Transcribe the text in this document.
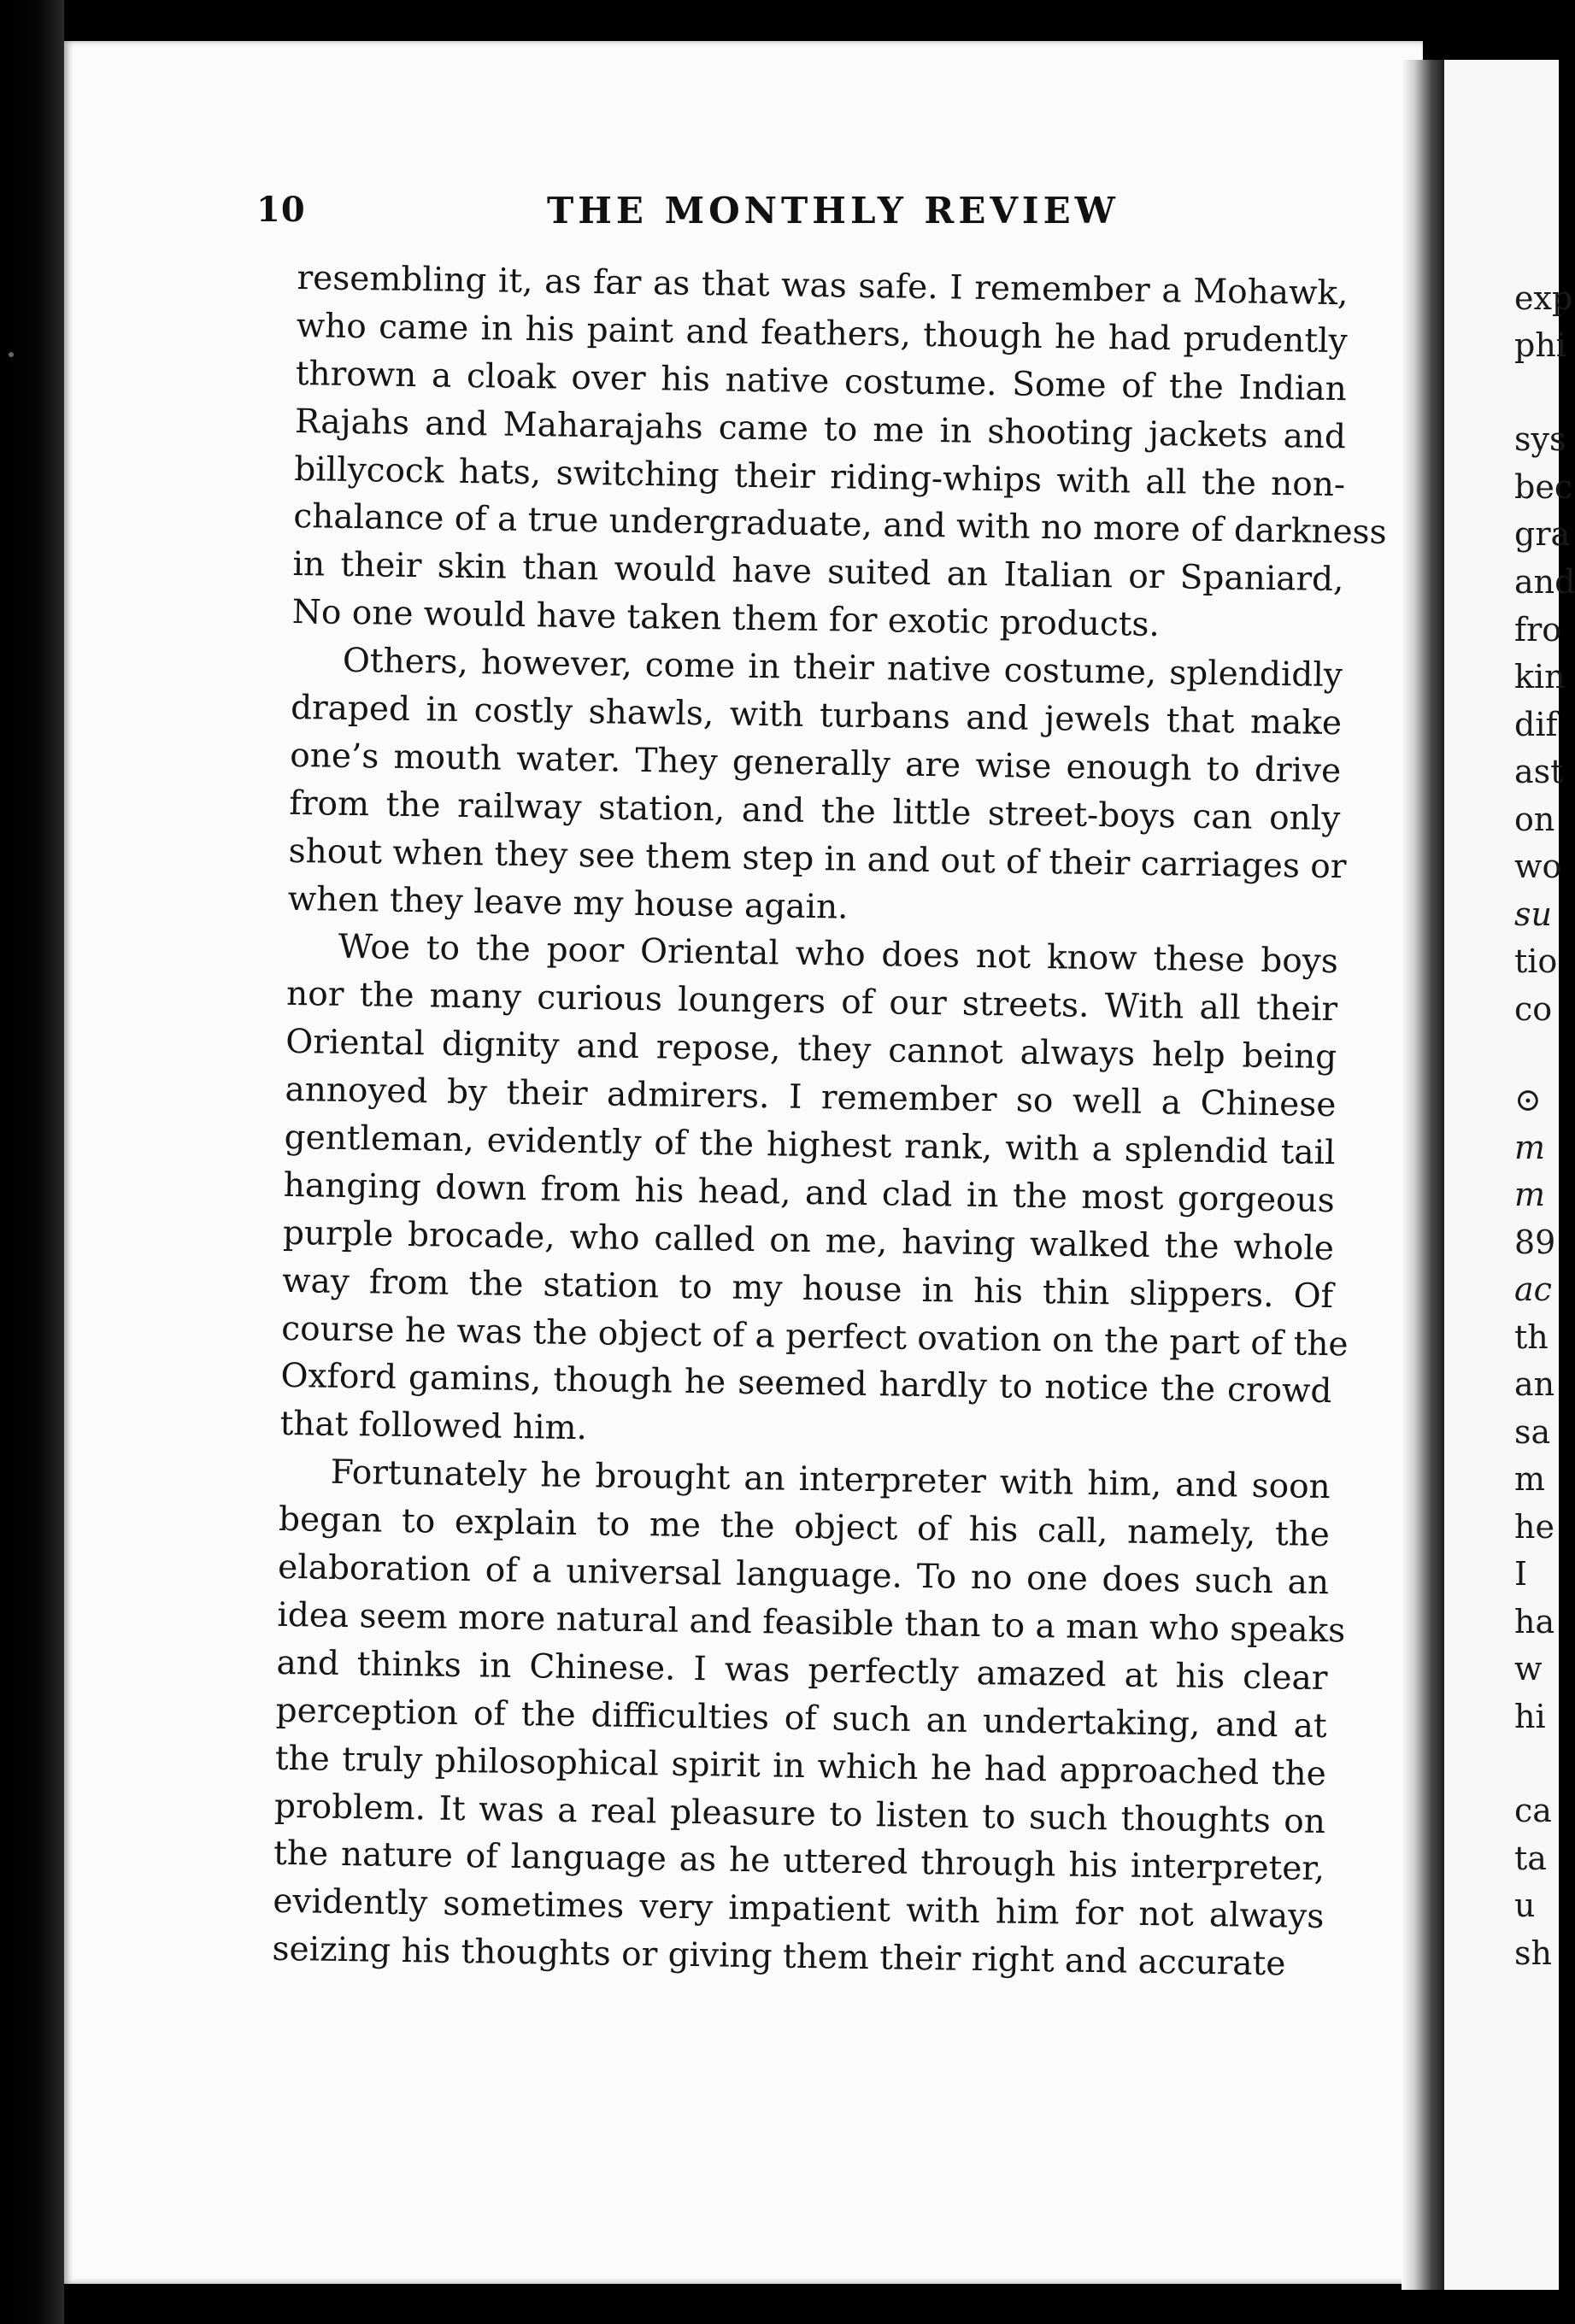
exp
phi
sys
bec
gra
and
fro
kin
dif
ast
on
wo
su
tio
co
⊙
m
m
89
ac
th
an
sa
m
he
I
ha
w
hi
ca
ta
u
sh
10	THE MONTHLY REVIEW
resembling it, as far as that was safe. I remember a Mohawk,
who came in his paint and feathers, though he had prudently
thrown a cloak over his native costume. Some of the Indian
Rajahs and Maharajahs came to me in shooting jackets and
billycock hats, switching their riding-whips with all the non-
chalance of a true undergraduate, and with no more of darkness
in their skin than would have suited an Italian or Spaniard,
No one would have taken them for exotic products.
Others, however, come in their native costume, splendidly
draped in costly shawls, with turbans and jewels that make
one’s mouth water. They generally are wise enough to drive
from the railway station, and the little street-boys can only
shout when they see them step in and out of their carriages or
when they leave my house again.
Woe to the poor Oriental who does not know these boys
nor the many curious loungers of our streets. With all their
Oriental dignity and repose, they cannot always help being
annoyed by their admirers. I remember so well a Chinese
gentleman, evidently of the highest rank, with a splendid tail
hanging down from his head, and clad in the most gorgeous
purple brocade, who called on me, having walked the whole
way from the station to my house in his thin slippers. Of
course he was the object of a perfect ovation on the part of the
Oxford gamins, though he seemed hardly to notice the crowd
that followed him.
Fortunately he brought an interpreter with him, and soon
began to explain to me the object of his call, namely, the
elaboration of a universal language. To no one does such an
idea seem more natural and feasible than to a man who speaks
and thinks in Chinese. I was perfectly amazed at his clear
perception of the difficulties of such an undertaking, and at
the truly philosophical spirit in which he had approached the
problem. It was a real pleasure to listen to such thoughts on
the nature of language as he uttered through his interpreter,
evidently sometimes very impatient with him for not always
seizing his thoughts or giving them their right and accurate
